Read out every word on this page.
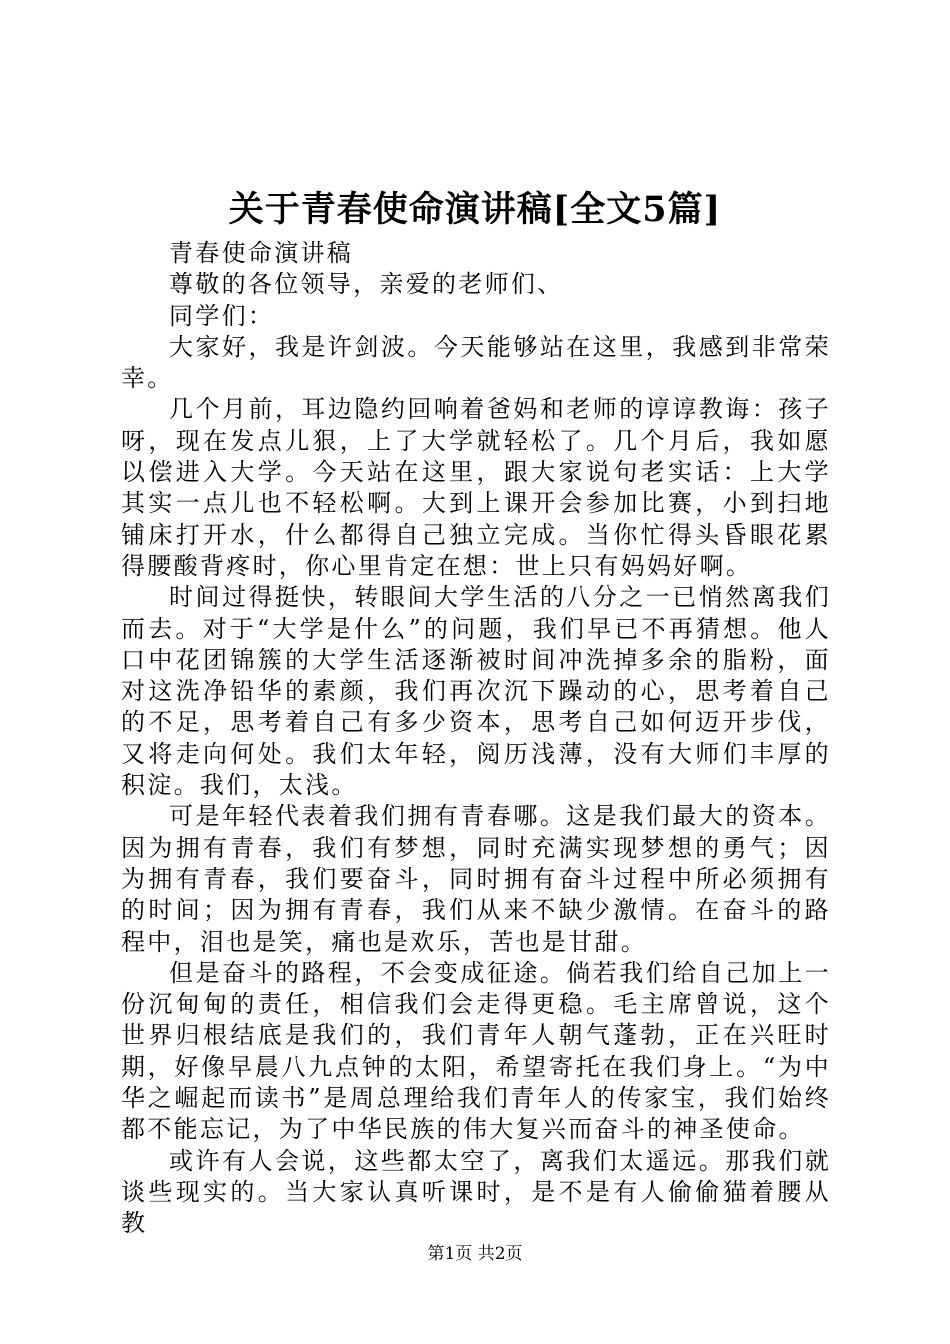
关于青春使命演讲稿[全文5篇]

青春使命演讲稿

尊敬的各位领导，亲爱的老师们、

同学们：

大家好，我是许剑波。今天能够站在这里，我感到非常荣幸。

几个月前，耳边隐约回响着爸妈和老师的谆谆教诲：孩子呀，现在发点儿狠，上了大学就轻松了。几个月后，我如愿以偿进入大学。今天站在这里，跟大家说句老实话：上大学其实一点儿也不轻松啊。大到上课开会参加比赛，小到扫地铺床打开水，什么都得自己独立完成。当你忙得头昏眼花累得腰酸背疼时，你心里肯定在想：世上只有妈妈好啊。

时间过得挺快，转眼间大学生活的八分之一已悄然离我们而去。对于“大学是什么”的问题，我们早已不再猜想。他人口中花团锦簇的大学生活逐渐被时间冲洗掉多余的脂粉，面对这洗净铅华的素颜，我们再次沉下躁动的心，思考着自己的不足，思考着自己有多少资本，思考自己如何迈开步伐，又将走向何处。我们太年轻，阅历浅薄，没有大师们丰厚的积淀。我们，太浅。

可是年轻代表着我们拥有青春哪。这是我们最大的资本。因为拥有青春，我们有梦想，同时充满实现梦想的勇气；因为拥有青春，我们要奋斗，同时拥有奋斗过程中所必须拥有的时间；因为拥有青春，我们从来不缺少激情。在奋斗的路程中，泪也是笑，痛也是欢乐，苦也是甘甜。

但是奋斗的路程，不会变成征途。倘若我们给自己加上一份沉甸甸的责任，相信我们会走得更稳。毛主席曾说，这个世界归根结底是我们的，我们青年人朝气蓬勃，正在兴旺时期，好像早晨八九点钟的太阳，希望寄托在我们身上。“为中华之崛起而读书”是周总理给我们青年人的传家宝，我们始终都不能忘记，为了中华民族的伟大复兴而奋斗的神圣使命。

或许有人会说，这些都太空了，离我们太遥远。那我们就谈些现实的。当大家认真听课时，是不是有人偷偷猫着腰从教

第1页 共2页
